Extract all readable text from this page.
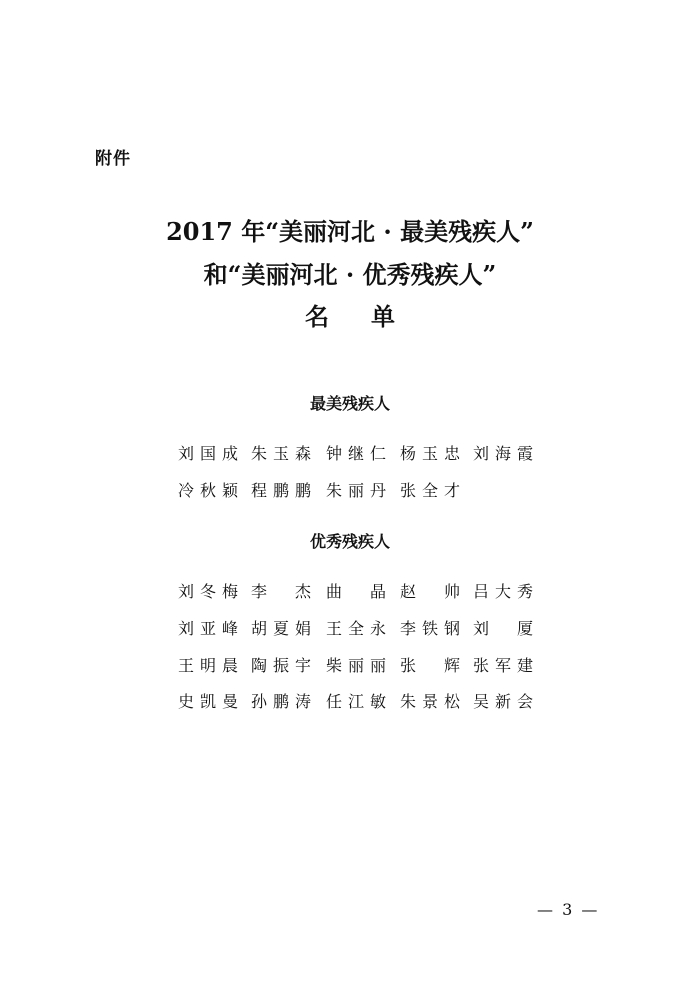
附件
2017 年“美丽河北 · 最美残疾人”
和“美丽河北 · 优秀残疾人”
名单
最美残疾人
刘国成 朱玉森 钟继仁 杨玉忠 刘海霞
冷秋颖 程鹏鹏 朱丽丹 张全才
优秀残疾人
刘冬梅 李杰 曲晶 赵帅 吕大秀
刘亚峰 胡夏娟 王全永 李铁钢 刘厦
王明晨 陶振宇 柴丽丽 张辉 张军建
史凯曼 孙鹏涛 任江敏 朱景松 吴新会
— 3 —
